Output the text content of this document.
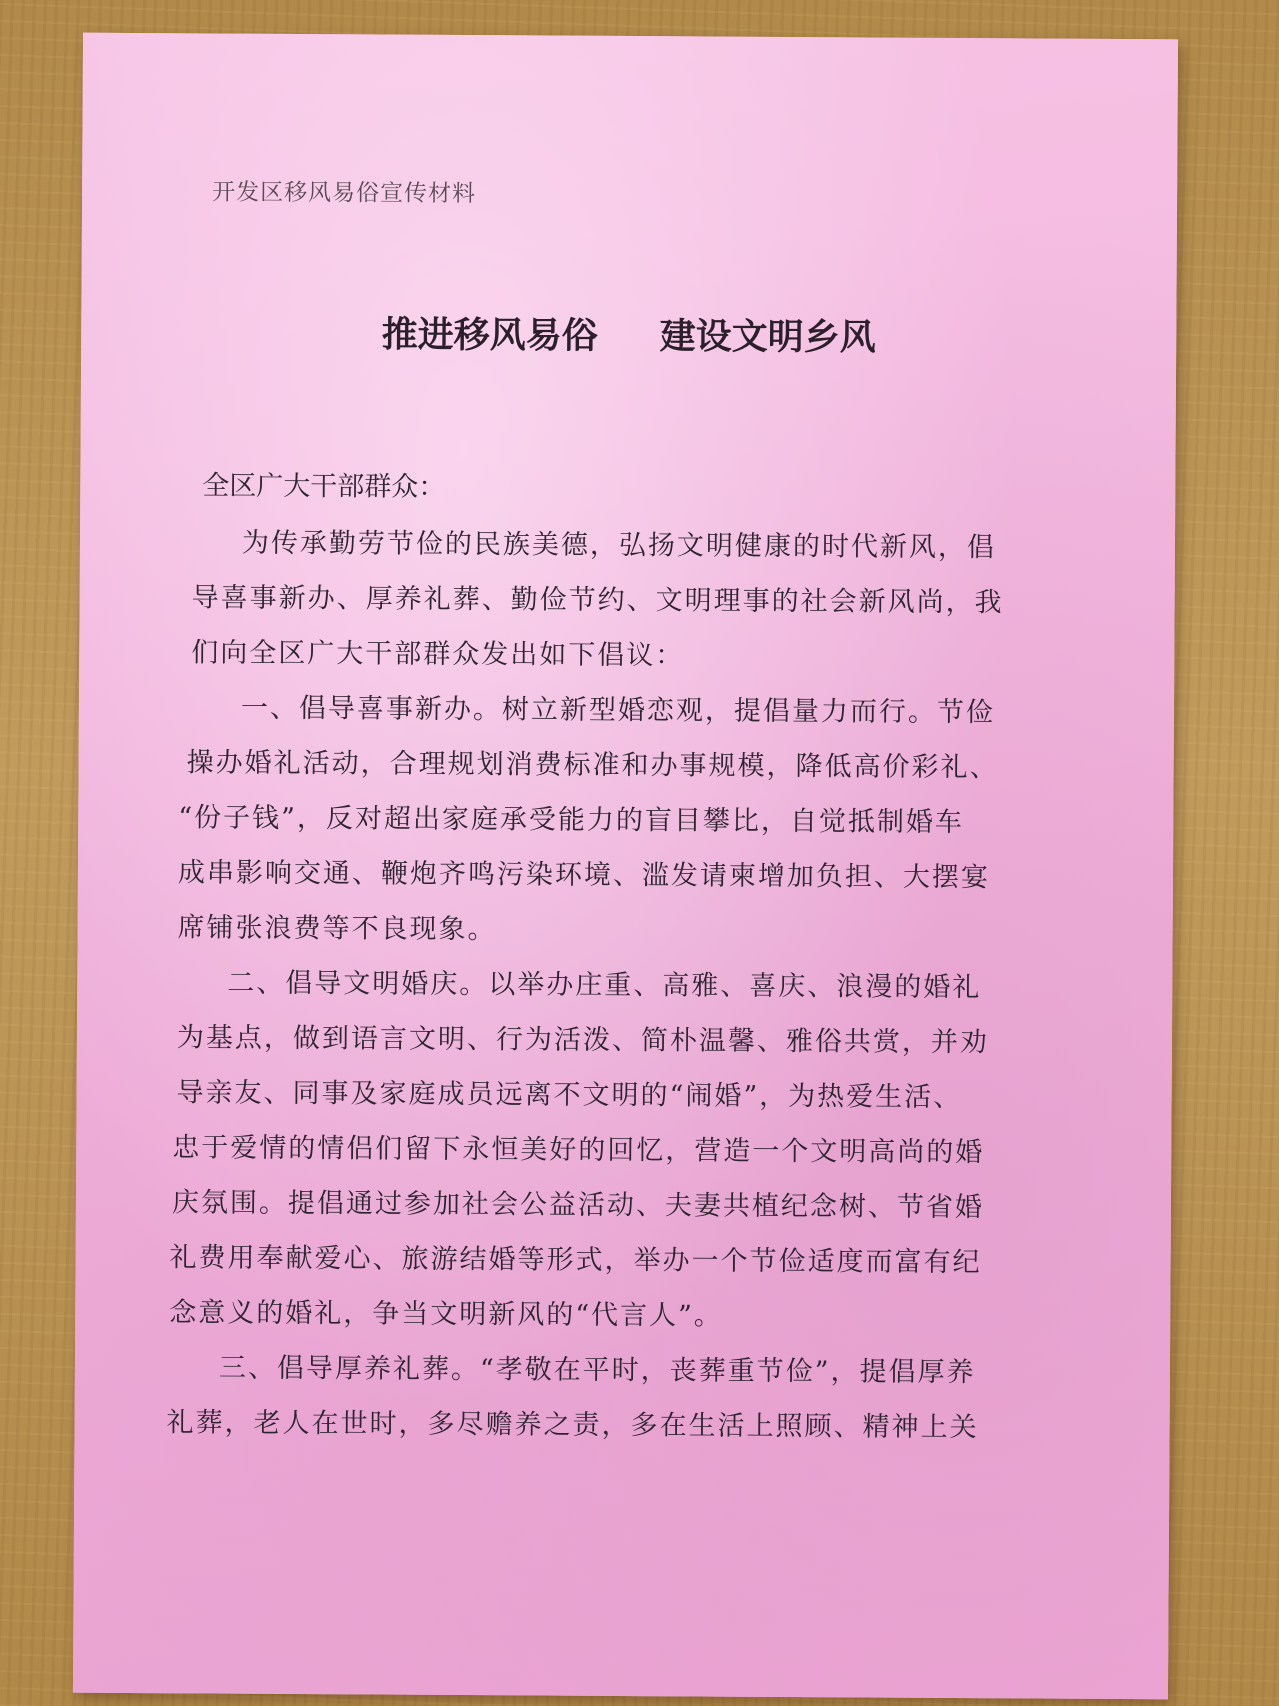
开发区移风易俗宣传材料
推进移风易俗 建设文明乡风
全区广大干部群众：
为传承勤劳节俭的民族美德，弘扬文明健康的时代新风，倡
导喜事新办、厚养礼葬、勤俭节约、文明理事的社会新风尚，我
们向全区广大干部群众发出如下倡议：
一、倡导喜事新办。树立新型婚恋观，提倡量力而行。节俭
操办婚礼活动，合理规划消费标准和办事规模，降低高价彩礼、
“份子钱”，反对超出家庭承受能力的盲目攀比，自觉抵制婚车
成串影响交通、鞭炮齐鸣污染环境、滥发请柬增加负担、大摆宴
席铺张浪费等不良现象。
二、倡导文明婚庆。以举办庄重、高雅、喜庆、浪漫的婚礼
为基点，做到语言文明、行为活泼、简朴温馨、雅俗共赏，并劝
导亲友、同事及家庭成员远离不文明的“闹婚”，为热爱生活、
忠于爱情的情侣们留下永恒美好的回忆，营造一个文明高尚的婚
庆氛围。提倡通过参加社会公益活动、夫妻共植纪念树、节省婚
礼费用奉献爱心、旅游结婚等形式，举办一个节俭适度而富有纪
念意义的婚礼，争当文明新风的“代言人”。
三、倡导厚养礼葬。“孝敬在平时，丧葬重节俭”，提倡厚养
礼葬，老人在世时，多尽赡养之责，多在生活上照顾、精神上关
